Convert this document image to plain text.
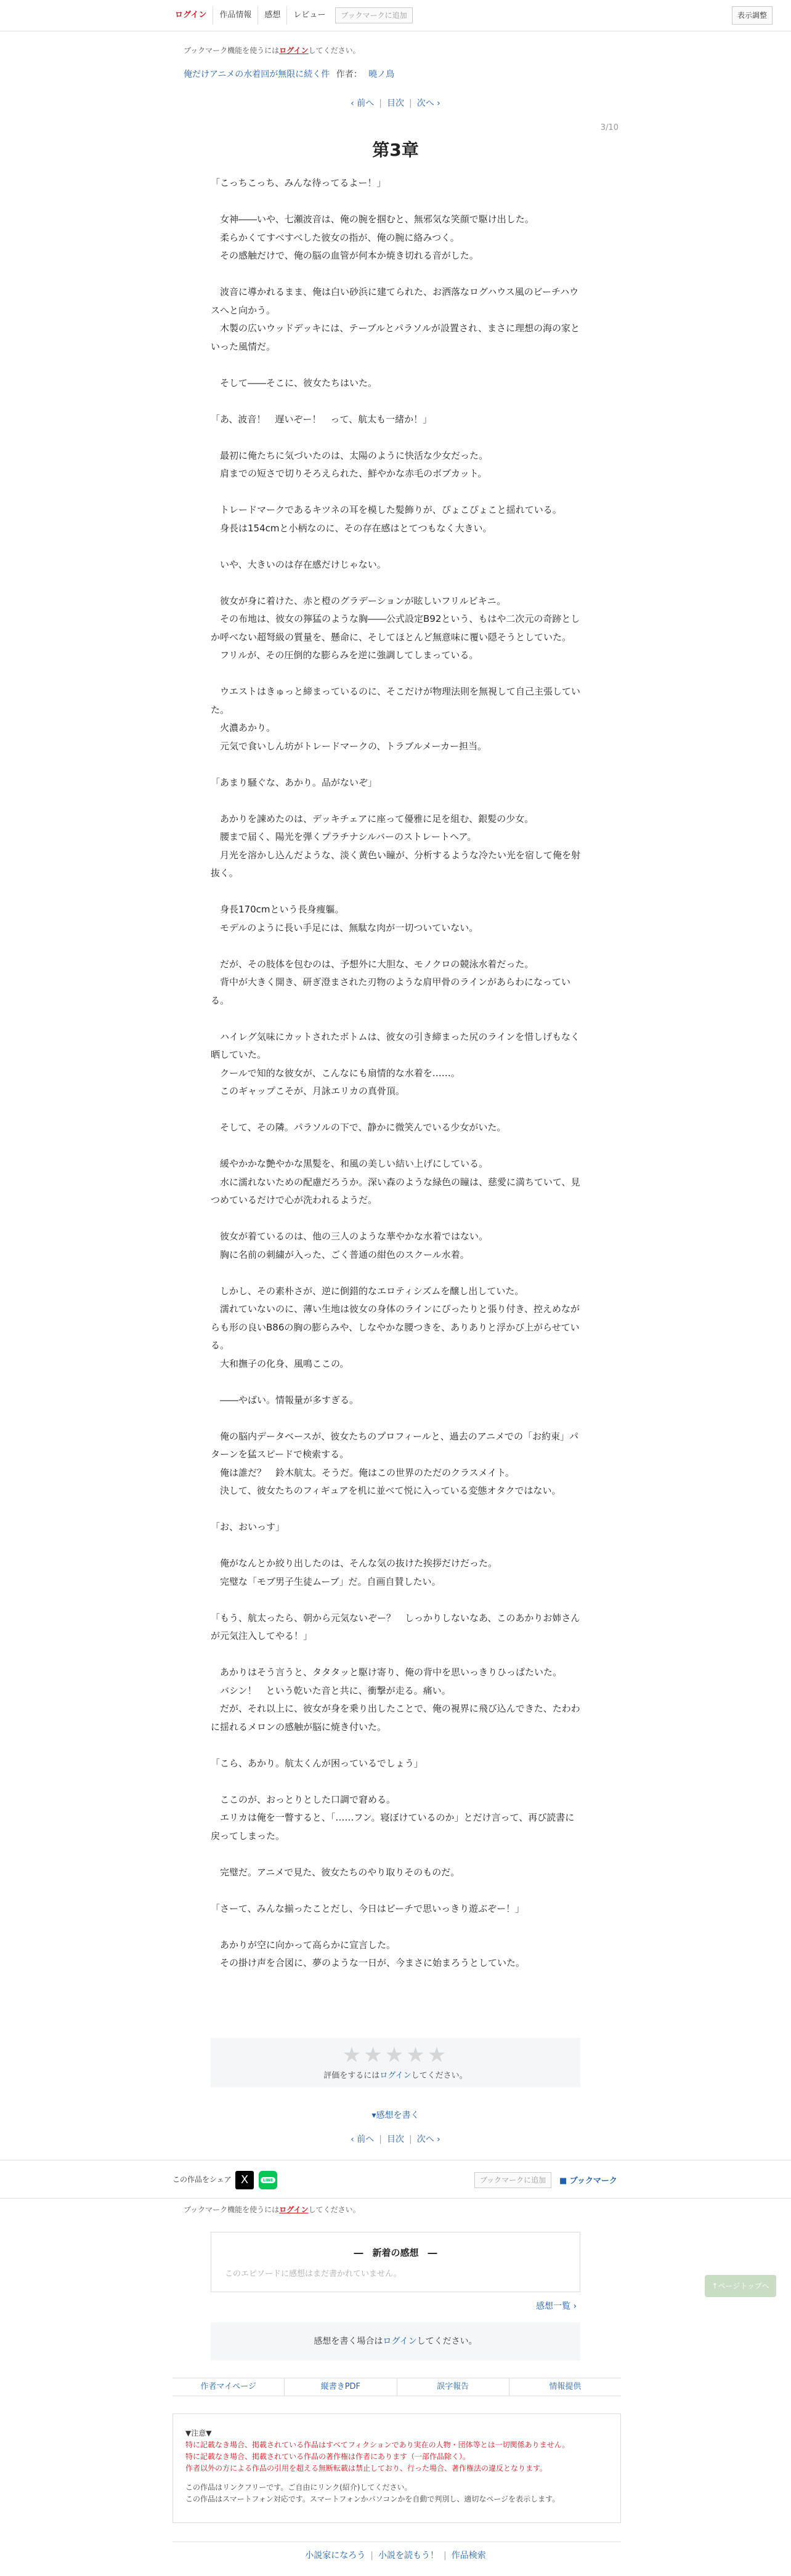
ログイン	作品情報	感想	レビュー	ブックマークに追加	表示調整
ブックマーク機能を使うにはログインしてください。
俺だけアニメの水着回が無限に続く件 作者： 曉ノ鳥
‹ 前へ | 目次 | 次へ ›
3/10
第3章

「こっちこっち、みんな待ってるよー！」

　女神――いや、七瀬波音は、俺の腕を掴むと、無邪気な笑顔で駆け出した。

　柔らかくてすべすべした彼女の指が、俺の腕に絡みつく。

　その感触だけで、俺の脳の血管が何本か焼き切れる音がした。

　波音に導かれるまま、俺は白い砂浜に建てられた、お洒落なログハウス風のビーチハウスへと向かう。

　木製の広いウッドデッキには、テーブルとパラソルが設置され、まさに理想の海の家といった風情だ。

　そして――そこに、彼女たちはいた。

「あ、波音！　遅いぞー！　って、航太も一緒か！」

　最初に俺たちに気づいたのは、太陽のように快活な少女だった。

　肩までの短さで切りそろえられた、鮮やかな赤毛のボブカット。

　トレードマークであるキツネの耳を模した髪飾りが、ぴょこぴょこと揺れている。

　身長は154cmと小柄なのに、その存在感はとてつもなく大きい。

　いや、大きいのは存在感だけじゃない。

　彼女が身に着けた、赤と橙のグラデーションが眩しいフリルビキニ。

　その布地は、彼女の獰猛のような胸――公式設定B92という、もはや二次元の奇跡としか呼べない超弩級の質量を、懸命に、そしてほとんど無意味に覆い隠そうとしていた。

　フリルが、その圧倒的な膨らみを逆に強調してしまっている。

　ウエストはきゅっと締まっているのに、そこだけが物理法則を無視して自己主張していた。

　火濃あかり。

　元気で食いしん坊がトレードマークの、トラブルメーカー担当。

「あまり騒ぐな、あかり。品がないぞ」

　あかりを諫めたのは、デッキチェアに座って優雅に足を組む、銀髪の少女。

　腰まで届く、陽光を弾くプラチナシルバーのストレートヘア。

　月光を溶かし込んだような、淡く黄色い瞳が、分析するような冷たい光を宿して俺を射抜く。

　身長170cmという長身痩軀。

　モデルのように長い手足には、無駄な肉が一切ついていない。

　だが、その肢体を包むのは、予想外に大胆な、モノクロの競泳水着だった。

　背中が大きく開き、研ぎ澄まされた刃物のような肩甲骨のラインがあらわになっている。

　ハイレグ気味にカットされたボトムは、彼女の引き締まった尻のラインを惜しげもなく晒していた。

　クールで知的な彼女が、こんなにも扇情的な水着を……。

　このギャップこそが、月詠エリカの真骨頂。

　そして、その隣。パラソルの下で、静かに微笑んでいる少女がいた。

　緩やかかな艶やかな黒髪を、和風の美しい結い上げにしている。

　水に濡れないための配慮だろうか。深い森のような緑色の瞳は、慈愛に満ちていて、見つめているだけで心が洗われるようだ。

　彼女が着ているのは、他の三人のような華やかな水着ではない。

　胸に名前の刺繍が入った、ごく普通の紺色のスクール水着。

　しかし、その素朴さが、逆に倒錯的なエロティシズムを醸し出していた。

　濡れていないのに、薄い生地は彼女の身体のラインにぴったりと張り付き、控えめながらも形の良いB86の胸の膨らみや、しなやかな腰つきを、ありありと浮かび上がらせている。

　大和撫子の化身、風鳴ここの。

　――やばい。情報量が多すぎる。

　俺の脳内データベースが、彼女たちのプロフィールと、過去のアニメでの「お約束」パターンを猛スピードで検索する。

　俺は誰だ？　鈴木航太。そうだ。俺はこの世界のただのクラスメイト。

　決して、彼女たちのフィギュアを机に並べて悦に入っている変態オタクではない。

「お、おいっす」

　俺がなんとか絞り出したのは、そんな気の抜けた挨拶だけだった。

　完璧な「モブ男子生徒ムーブ」だ。自画自賛したい。

「もう、航太ったら、朝から元気ないぞー？　しっかりしないなあ、このあかりお姉さんが元気注入してやる！」

　あかりはそう言うと、タタタッと駆け寄り、俺の背中を思いっきりひっぱたいた。

　バシン！　という乾いた音と共に、衝撃が走る。痛い。

　だが、それ以上に、彼女が身を乗り出したことで、俺の視界に飛び込んできた、たわわに揺れるメロンの感触が脳に焼き付いた。

「こら、あかり。航太くんが困っているでしょう」

　ここのが、おっとりとした口調で窘める。

　エリカは俺を一瞥すると、「……フン。寝ぼけているのか」とだけ言って、再び読書に戻ってしまった。

　完璧だ。アニメで見た、彼女たちのやり取りそのものだ。

「さーて、みんな揃ったことだし、今日はビーチで思いっきり遊ぶぞー！」

　あかりが空に向かって高らかに宣言した。

　その掛け声を合図に、夢のような一日が、今まさに始まろうとしていた。

★★★★★
評価をするにはログインしてください。
▾感想を書く
‹ 前へ | 目次 | 次へ ›
この作品をシェア X	LINE	ブックマークに追加	■ ブックマーク
ブックマーク機能を使うにはログインしてください。
―　新着の感想　―
このエピソードに感想はまだ書かれていません。
感想一覧 ›
↑ページトップへ
感想を書く場合はログインしてください。
作者マイページ	縦書きPDF	誤字報告	情報提供
▼注意▼
特に記載なき場合、掲載されている作品はすべてフィクションであり実在の人物・団体等とは一切関係ありません。
特に記載なき場合、掲載されている作品の著作権は作者にあります（一部作品除く）。
作者以外の方による作品の引用を超える無断転載は禁止しており、行った場合、著作権法の違反となります。
この作品はリンクフリーです。ご自由にリンク(紹介)してください。
この作品はスマートフォン対応です。スマートフォンかパソコンかを自動で判別し、適切なページを表示します。
小説家になろう | 小説を読もう！ | 作品検索
